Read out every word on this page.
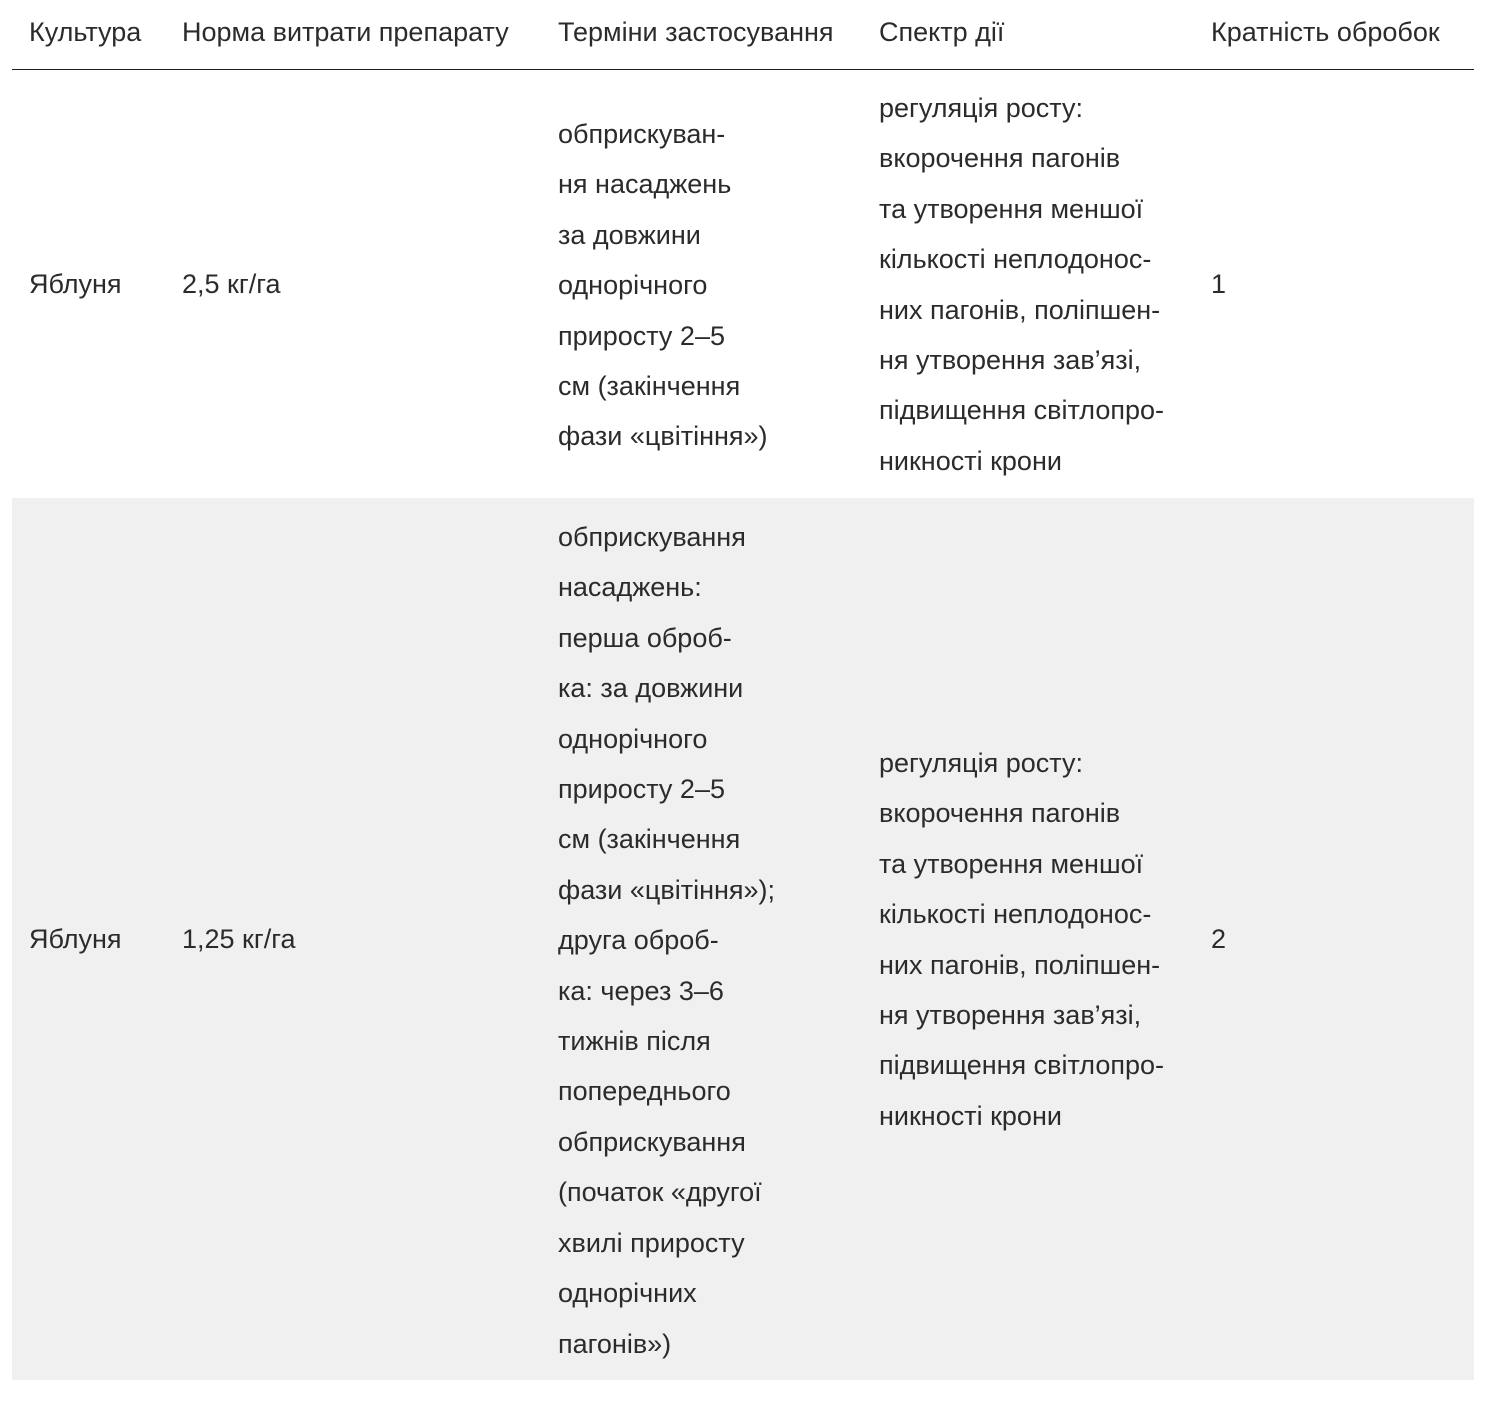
Культура Норма витрати препарату Терміни застосування Спектр дії	Кратність обробок
Яблуня 2,5 кг/га
обприскуван-
ня насаджень
за довжини
однорічного
приросту 2–5
см (закінчення
фази «цвітіння»)
регуляція росту:
вкорочення пагонів
та утворення меншої
кількості неплодонос-
них пагонів, поліпшен-
ня утворення зав’язі,
підвищення світлопро-
никності крони
1
Яблуня 1,25 кг/га
обприскування
насаджень:
перша оброб-
ка: за довжини
однорічного
приросту 2–5
см (закінчення
фази «цвітіння»);
друга оброб-
ка: через 3–6
тижнів після
попереднього
обприскування
(початок «другої
хвилі приросту
однорічних
пагонів»)
регуляція росту:
вкорочення пагонів
та утворення меншої
кількості неплодонос-
них пагонів, поліпшен-
ня утворення зав’язі,
підвищення світлопро-
никності крони
2
